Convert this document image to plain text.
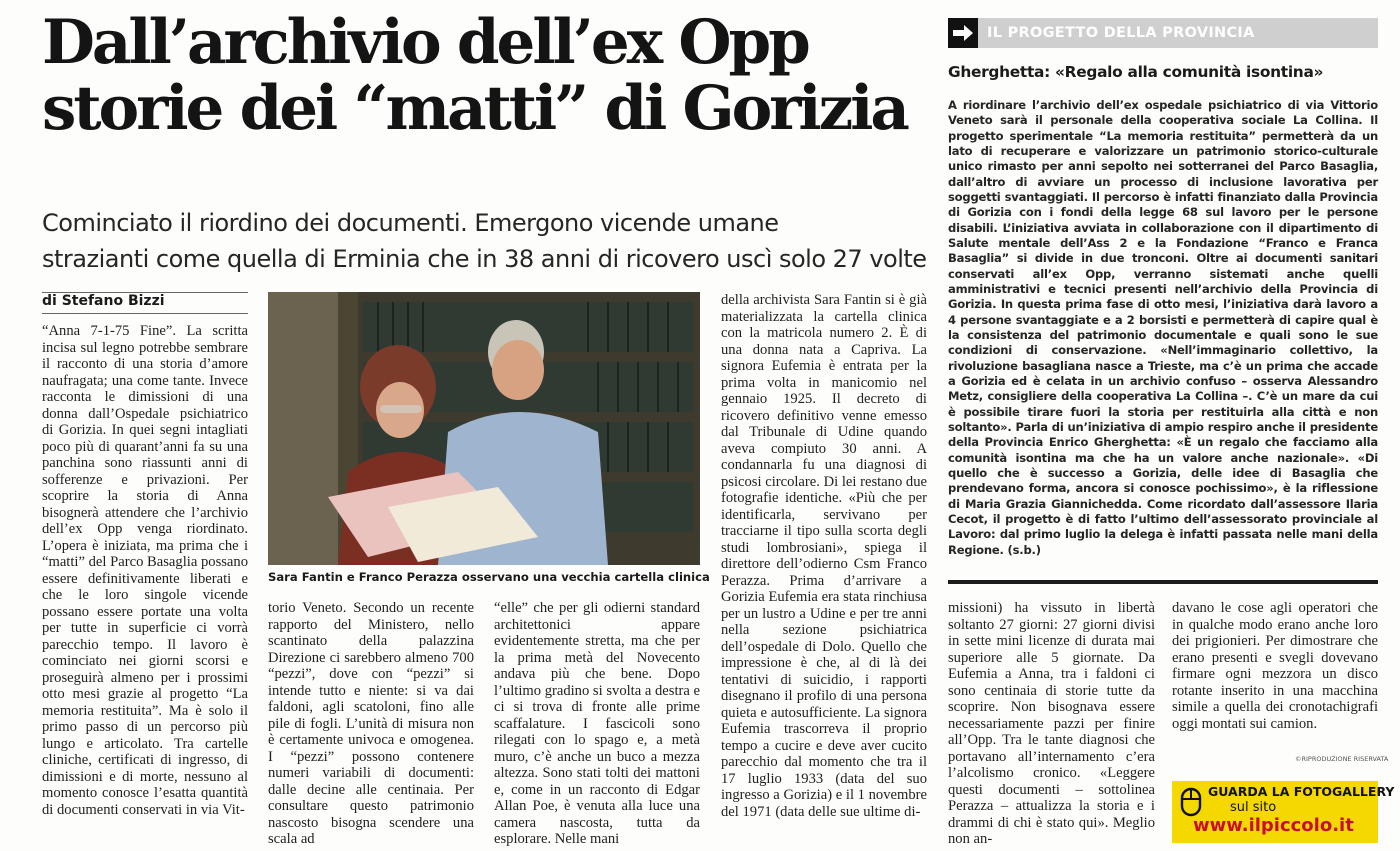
Dall’archivio dell’ex Opp
storie dei “matti” di Gorizia
Cominciato il riordino dei documenti. Emergono vicende umane
strazianti come quella di Erminia che in 38 anni di ricovero uscì solo 27 volte
di Stefano Bizzi

“Anna 7-1-75 Fine”. La scritta incisa sul legno potrebbe sembrare il racconto di una storia d’amore naufragata; una come tante. Invece racconta le dimissioni di una donna dall’Ospedale psichiatrico di Gorizia. In quei segni intagliati poco più di quarant’anni fa su una panchina sono riassunti anni di sofferenze e privazioni. Per scoprire la storia di Anna bisognerà attendere che l’archivio dell’ex Opp venga riordinato. L’opera è iniziata, ma prima che i “matti” del Parco Basaglia possano essere definitivamente liberati e che le loro singole vicende possano essere portate una volta per tutte in superficie ci vorrà parecchio tempo. Il lavoro è cominciato nei giorni scorsi e proseguirà almeno per i prossimi otto mesi grazie al progetto “La memoria restituita”. Ma è solo il primo passo di un percorso più lungo e articolato. Tra cartelle cliniche, certificati di ingresso, di dimissioni e di morte, nessuno al momento conosce l’esatta quantità di documenti conservati in via Vit-

Sara Fantin e Franco Perazza osservano una vecchia cartella clinica

torio Veneto. Secondo un recente rapporto del Ministero, nello scantinato della palazzina Direzione ci sarebbero almeno 700 “pezzi”, dove con “pezzi” si intende tutto e niente: si va dai faldoni, agli scatoloni, fino alle pile di fogli. L’unità di misura non è certamente univoca e omogenea. I “pezzi” possono contenere numeri variabili di documenti: dalle decine alle centinaia. Per consultare questo patrimonio nascosto bisogna scendere una scala ad

“elle” che per gli odierni standard architettonici appare evidentemente stretta, ma che per la prima metà del Novecento andava più che bene. Dopo l’ultimo gradino si svolta a destra e ci si trova di fronte alle prime scaffalature. I fascicoli sono rilegati con lo spago e, a metà muro, c’è anche un buco a mezza altezza. Sono stati tolti dei mattoni e, come in un racconto di Edgar Allan Poe, è venuta alla luce una camera nascosta, tutta da esplorare. Nelle mani

della archivista Sara Fantin si è già materializzata la cartella clinica con la matricola numero 2. È di una donna nata a Capriva. La signora Eufemia è entrata per la prima volta in manicomio nel gennaio 1925. Il decreto di ricovero definitivo venne emesso dal Tribunale di Udine quando aveva compiuto 30 anni. A condannarla fu una diagnosi di psicosi circolare. Di lei restano due fotografie identiche. «Più che per identificarla, servivano per tracciarne il tipo sulla scorta degli studi lombrosiani», spiega il direttore dell’odierno Csm Franco Perazza. Prima d’arrivare a Gorizia Eufemia era stata rinchiusa per un lustro a Udine e per tre anni nella sezione psichiatrica dell’ospedale di Dolo. Quello che impressione è che, al di là dei tentativi di suicidio, i rapporti disegnano il profilo di una persona quieta e autosufficiente. La signora Eufemia trascorreva il proprio tempo a cucire e deve aver cucito parecchio dal momento che tra il 17 luglio 1933 (data del suo ingresso a Gorizia) e il 1 novembre del 1971 (data delle sue ultime di-

missioni) ha vissuto in libertà soltanto 27 giorni: 27 giorni divisi in sette mini licenze di durata mai superiore alle 5 giornate. Da Eufemia a Anna, tra i faldoni ci sono centinaia di storie tutte da scoprire. Non bisognava essere necessariamente pazzi per finire all’Opp. Tra le tante diagnosi che portavano all’internamento c’era l’alcolismo cronico. «Leggere questi documenti – sottolinea Perazza – attualizza la storia e i drammi di chi è stato qui». Meglio non an-

davano le cose agli operatori che in qualche modo erano anche loro dei prigionieri. Per dimostrare che erano presenti e svegli dovevano firmare ogni mezzora un disco rotante inserito in una macchina simile a quella dei cronotachigrafi oggi montati sui camion.

©RIPRODUZIONE RISERVATA
IL PROGETTO DELLA PROVINCIA
Gherghetta: «Regalo alla comunità isontina»
A riordinare l’archivio dell’ex ospedale psichiatrico di via Vittorio Veneto sarà il personale della cooperativa sociale La Collina. Il progetto sperimentale “La memoria restituita” permetterà da un lato di recuperare e valorizzare un patrimonio storico-culturale unico rimasto per anni sepolto nei sotterranei del Parco Basaglia, dall’altro di avviare un processo di inclusione lavorativa per soggetti svantaggiati. Il percorso è infatti finanziato dalla Provincia di Gorizia con i fondi della legge 68 sul lavoro per le persone disabili. L’iniziativa avviata in collaborazione con il dipartimento di Salute mentale dell’Ass 2 e la Fondazione “Franco e Franca Basaglia” si divide in due tronconi. Oltre ai documenti sanitari conservati all’ex Opp, verranno sistemati anche quelli amministrativi e tecnici presenti nell’archivio della Provincia di Gorizia. In questa prima fase di otto mesi, l’iniziativa darà lavoro a 4 persone svantaggiate e a 2 borsisti e permetterà di capire qual è la consistenza del patrimonio documentale e quali sono le sue condizioni di conservazione. «Nell’immaginario collettivo, la rivoluzione basagliana nasce a Trieste, ma c’è un prima che accade a Gorizia ed è celata in un archivio confuso – osserva Alessandro Metz, consigliere della cooperativa La Collina –. C’è un mare da cui è possibile tirare fuori la storia per restituirla alla città e non soltanto». Parla di un’iniziativa di ampio respiro anche il presidente della Provincia Enrico Gherghetta: «È un regalo che facciamo alla comunità isontina ma che ha un valore anche nazionale». «Di quello che è successo a Gorizia, delle idee di Basaglia che prendevano forma, ancora si conosce pochissimo», è la riflessione di Maria Grazia Giannichedda. Come ricordato dall’assessore Ilaria Cecot, il progetto è di fatto l’ultimo dell’assessorato provinciale al Lavoro: dal primo luglio la delega è infatti passata nelle mani della Regione. (s.b.)
GUARDA LA FOTOGALLERY
sul sito
www.ilpiccolo.it
